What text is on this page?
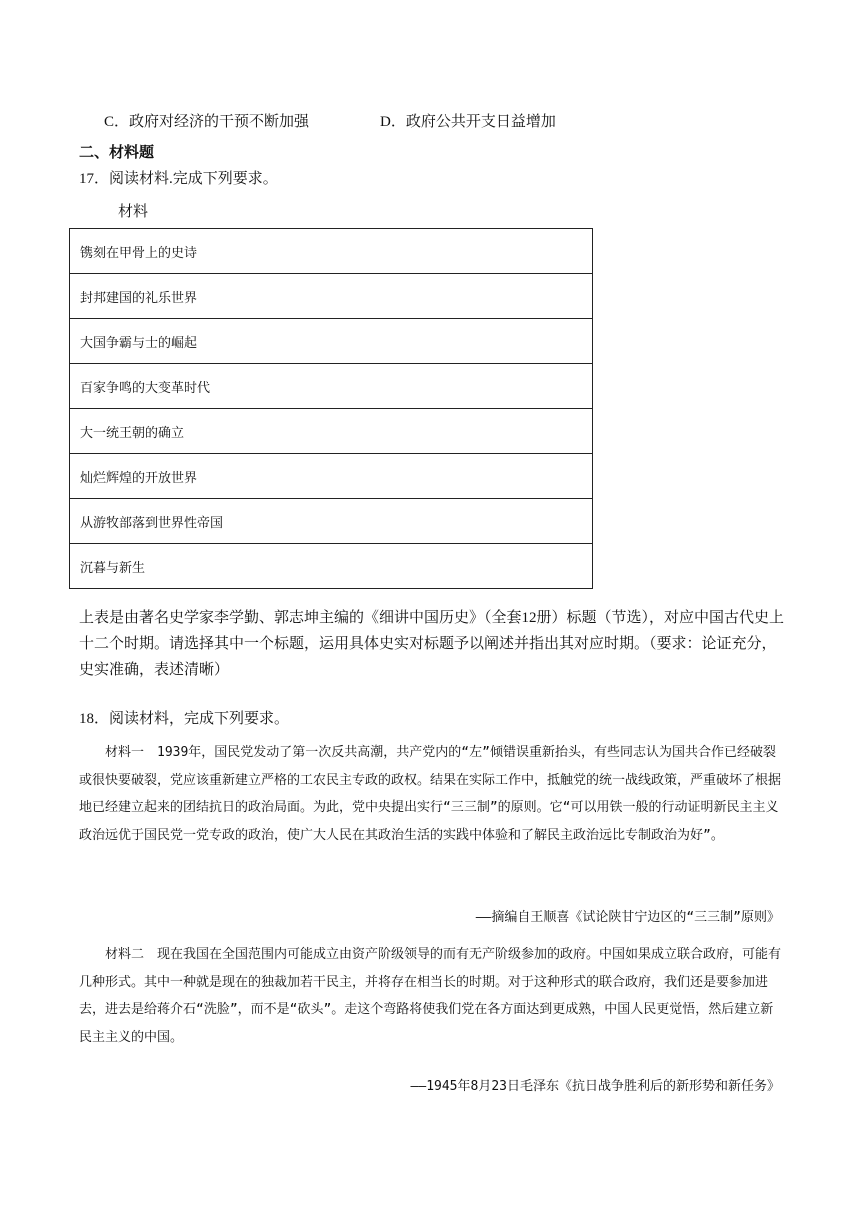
C．政府对经济的干预不断加强	D．政府公共开支日益增加
二、材料题
17．阅读材料.完成下列要求。
材料
镌刻在甲骨上的史诗
封邦建国的礼乐世界
大国争霸与士的崛起
百家争鸣的大变革时代
大一统王朝的确立
灿烂辉煌的开放世界
从游牧部落到世界性帝国
沉暮与新生
上表是由著名史学家李学勤、郭志坤主编的《细讲中国历史》（全套12册）标题（节选），对应中国古代史上十二个时期。请选择其中一个标题，运用具体史实对标题予以阐述并指出其对应时期。（要求：论证充分，史实准确，表述清晰）
18．阅读材料，完成下列要求。
材料一　1939年，国民党发动了第一次反共高潮，共产党内的“左”倾错误重新抬头，有些同志认为国共合作已经破裂或很快要破裂，党应该重新建立严格的工农民主专政的政权。结果在实际工作中，抵触党的统一战线政策，严重破坏了根据地已经建立起来的团结抗日的政治局面。为此，党中央提出实行“三三制”的原则。它“可以用铁一般的行动证明新民主主义政治远优于国民党一党专政的政治，使广大人民在其政治生活的实践中体验和了解民主政治远比专制政治为好”。
——摘编自王顺喜《试论陕甘宁边区的“三三制”原则》
材料二　现在我国在全国范围内可能成立由资产阶级领导的而有无产阶级参加的政府。中国如果成立联合政府，可能有几种形式。其中一种就是现在的独裁加若干民主，并将存在相当长的时期。对于这种形式的联合政府，我们还是要参加进去，进去是给蒋介石“洗脸”，而不是“砍头”。走这个弯路将使我们党在各方面达到更成熟，中国人民更觉悟，然后建立新民主主义的中国。
——1945年8月23日毛泽东《抗日战争胜利后的新形势和新任务》
